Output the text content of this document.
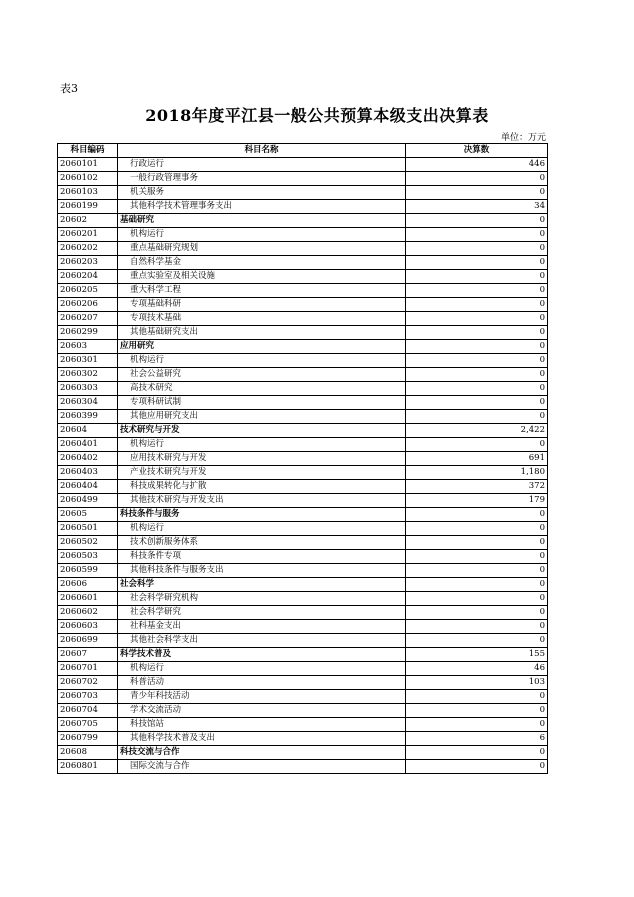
表3
2018年度平江县一般公共预算本级支出决算表
单位：万元
科目编码	科目名称	决算数
2060101	行政运行	446
2060102	一般行政管理事务	0
2060103	机关服务	0
2060199	其他科学技术管理事务支出	34
20602	基础研究	0
2060201	机构运行	0
2060202	重点基础研究规划	0
2060203	自然科学基金	0
2060204	重点实验室及相关设施	0
2060205	重大科学工程	0
2060206	专项基础科研	0
2060207	专项技术基础	0
2060299	其他基础研究支出	0
20603	应用研究	0
2060301	机构运行	0
2060302	社会公益研究	0
2060303	高技术研究	0
2060304	专项科研试制	0
2060399	其他应用研究支出	0
20604	技术研究与开发	2,422
2060401	机构运行	0
2060402	应用技术研究与开发	691
2060403	产业技术研究与开发	1,180
2060404	科技成果转化与扩散	372
2060499	其他技术研究与开发支出	179
20605	科技条件与服务	0
2060501	机构运行	0
2060502	技术创新服务体系	0
2060503	科技条件专项	0
2060599	其他科技条件与服务支出	0
20606	社会科学	0
2060601	社会科学研究机构	0
2060602	社会科学研究	0
2060603	社科基金支出	0
2060699	其他社会科学支出	0
20607	科学技术普及	155
2060701	机构运行	46
2060702	科普活动	103
2060703	青少年科技活动	0
2060704	学术交流活动	0
2060705	科技馆站	0
2060799	其他科学技术普及支出	6
20608	科技交流与合作	0
2060801	国际交流与合作	0
